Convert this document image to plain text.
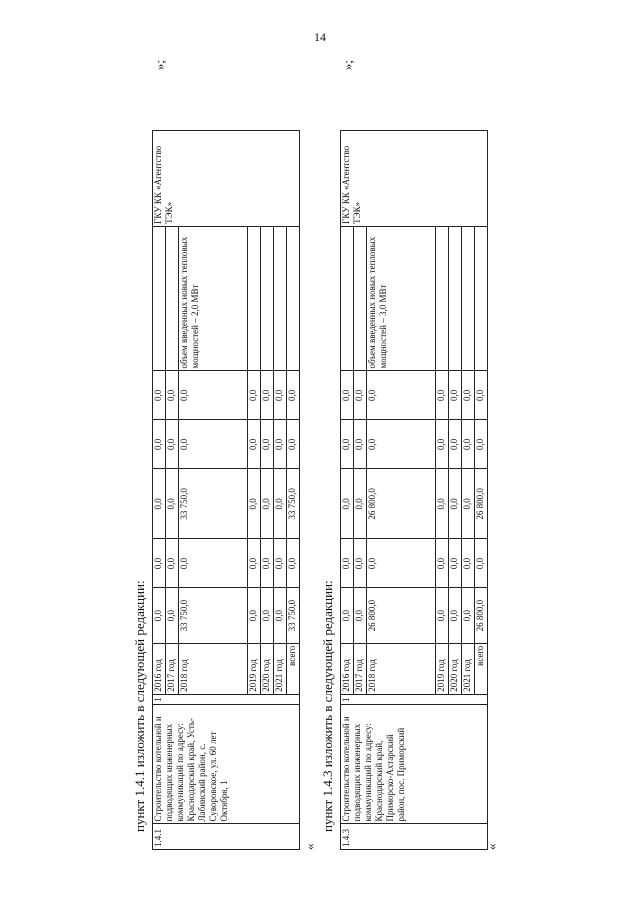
14
пункт 1.4.1 изложить в следующей редакции:
«
1.4.1	Строительство котельной и подводящих инженерных коммуникаций по адресу: Краснодарский край, Усть-Лабинский район, с. Суворовское, ул. 60 лет Октября, 1	1	2016 год	0,0	0,0	0,0	0,0	0,0		ГКУ КК «Агентство ТЭК»
			2017 год	0,0	0,0	0,0	0,0	0,0		
			2018 год	33 750,0	0,0	33 750,0	0,0	0,0	объем введенных новых тепловых мощностей – 2,0 МВт	
			2019 год	0,0	0,0	0,0	0,0	0,0		
			2020 год	0,0	0,0	0,0	0,0	0,0		
			2021 год	0,0	0,0	0,0	0,0	0,0		
			всего	33 750,0	0,0	33 750,0	0,0	0,0		
»;
пункт 1.4.3 изложить в следующей редакции:
«
1.4.3	Строительство котельной и подводящих инженерных коммуникаций по адресу: Краснодарский край, Приморско-Ахтарский район, пос. Приморский	1	2016 год	0,0	0,0	0,0	0,0	0,0		ГКУ КК «Агентство ТЭК»
			2017 год	0,0	0,0	0,0	0,0	0,0		
			2018 год	26 800,0	0,0	26 800,0	0,0	0,0	объем введенных новых тепловых мощностей – 3,0 МВт	
			2019 год	0,0	0,0	0,0	0,0	0,0		
			2020 год	0,0	0,0	0,0	0,0	0,0		
			2021 год	0,0	0,0	0,0	0,0	0,0		
			всего	26 800,0	0,0	26 800,0	0,0	0,0		
»;
